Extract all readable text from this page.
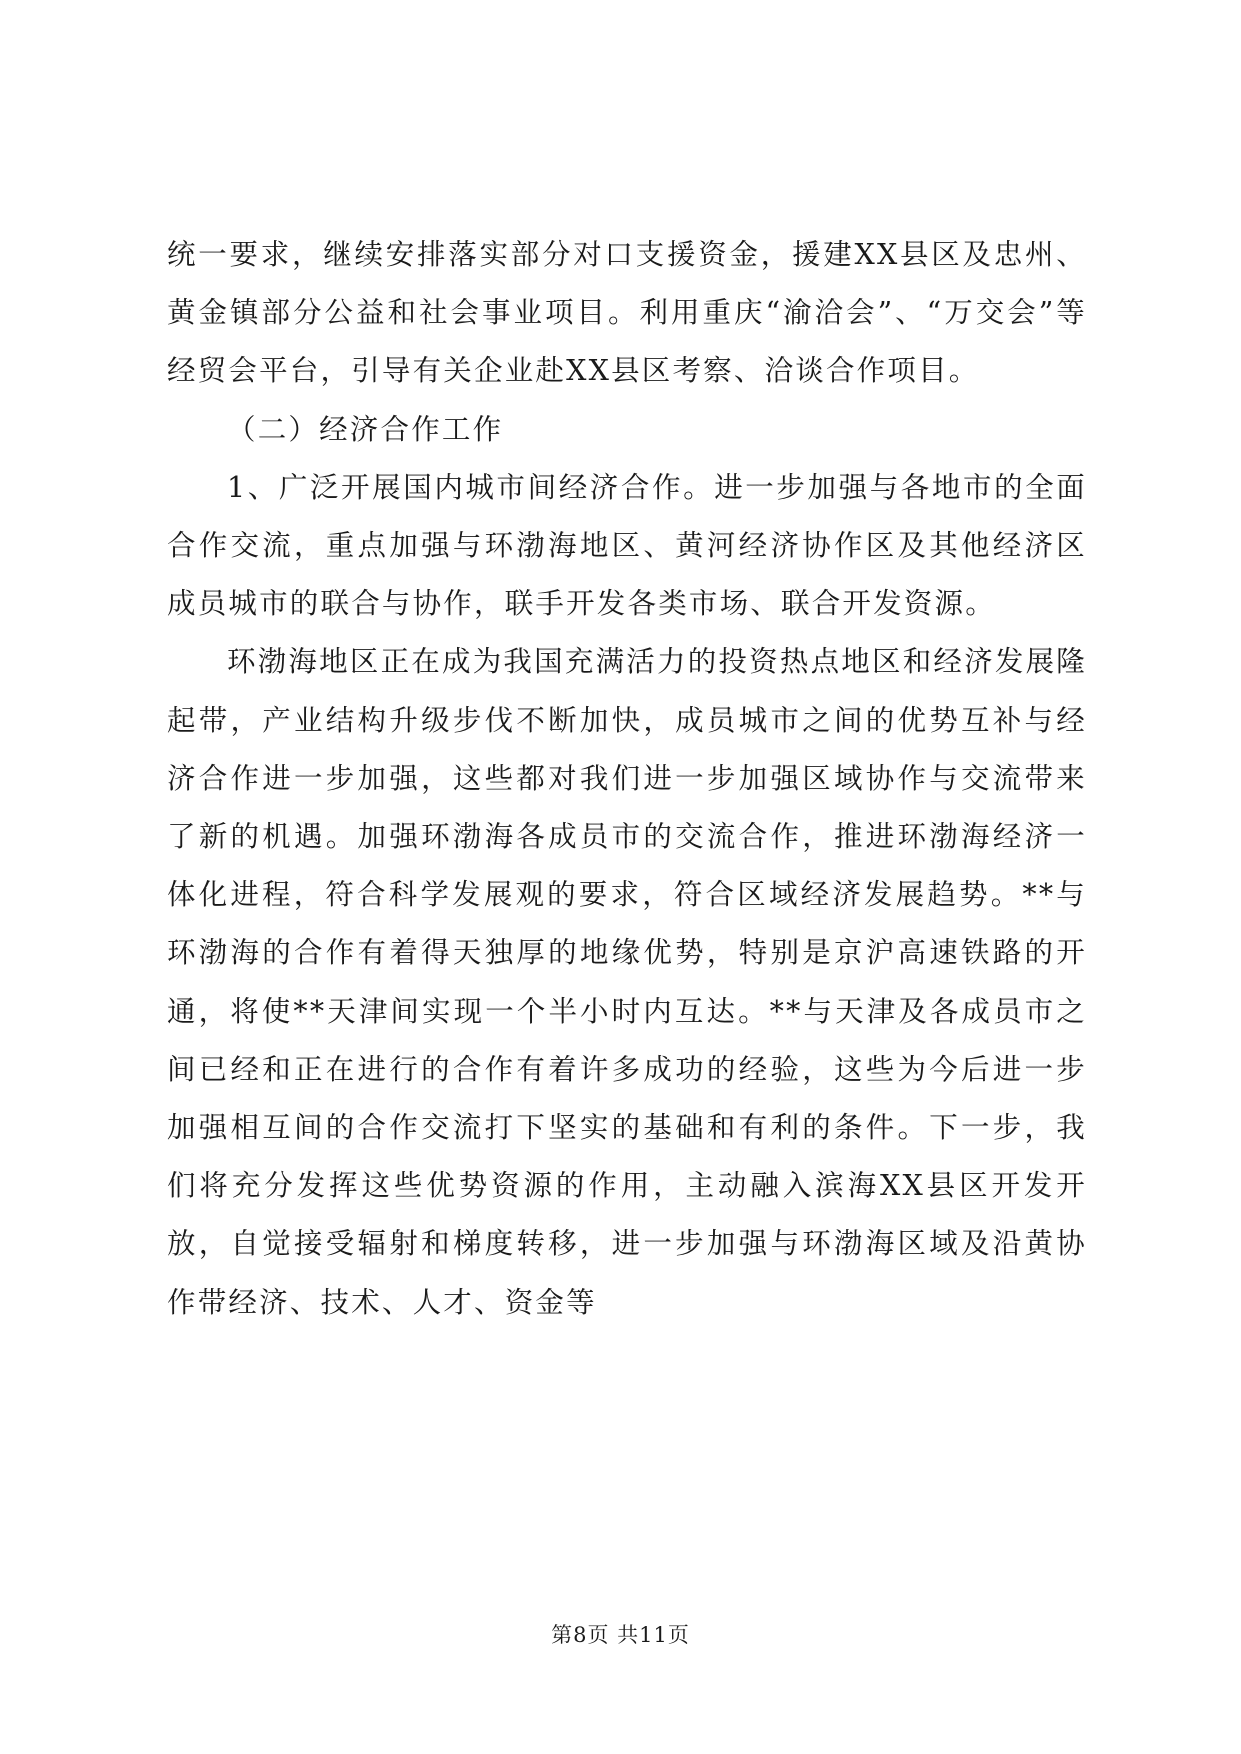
统一要求，继续安排落实部分对口支援资金，援建XX县区及忠州、黄金镇部分公益和社会事业项目。利用重庆“渝洽会”、“万交会”等经贸会平台，引导有关企业赴XX县区考察、洽谈合作项目。

（二）经济合作工作

1、广泛开展国内城市间经济合作。进一步加强与各地市的全面合作交流，重点加强与环渤海地区、黄河经济协作区及其他经济区成员城市的联合与协作，联手开发各类市场、联合开发资源。

环渤海地区正在成为我国充满活力的投资热点地区和经济发展隆起带，产业结构升级步伐不断加快，成员城市之间的优势互补与经济合作进一步加强，这些都对我们进一步加强区域协作与交流带来了新的机遇。加强环渤海各成员市的交流合作，推进环渤海经济一体化进程，符合科学发展观的要求，符合区域经济发展趋势。**与环渤海的合作有着得天独厚的地缘优势，特别是京沪高速铁路的开通，将使**天津间实现一个半小时内互达。**与天津及各成员市之间已经和正在进行的合作有着许多成功的经验，这些为今后进一步加强相互间的合作交流打下坚实的基础和有利的条件。下一步，我们将充分发挥这些优势资源的作用，主动融入滨海XX县区开发开放，自觉接受辐射和梯度转移，进一步加强与环渤海区域及沿黄协作带经济、技术、人才、资金等

第8页 共11页
